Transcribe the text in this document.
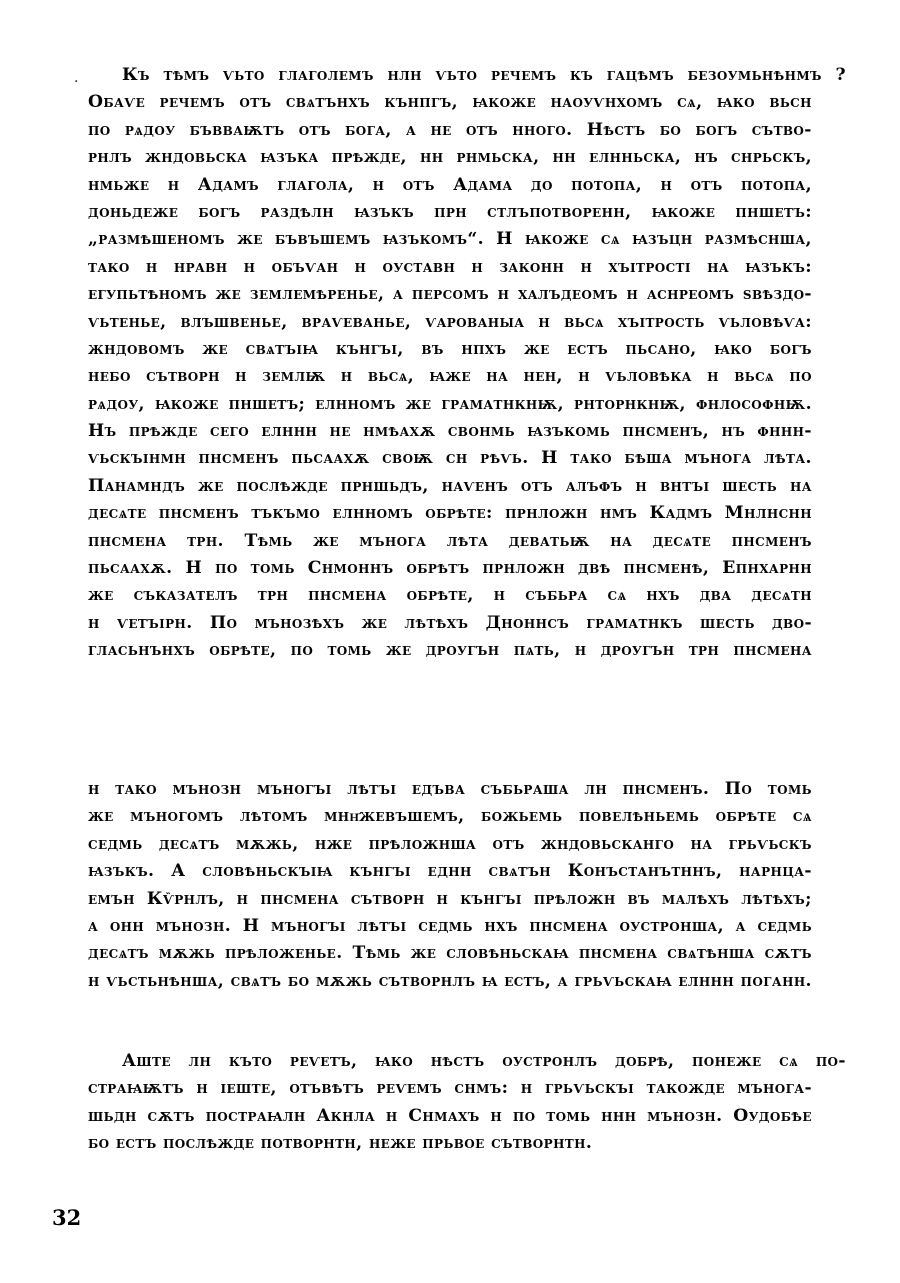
.	Къ тѣмъ ѵьто глаголемъ нлн ѵьто речемъ къ гацѣмъ безоумьнѣнмъ ?
Обаѵе речемъ отъ свѧтънхъ кънпгъ, ꙗкоже наоуѵнхомъ сѧ, ꙗко вьсн
по рѧдоу бъвваѭтъ отъ бога, а не отъ нного. Нѣстъ бо богъ сътво-
рнлъ жндовьска ꙗзъка прѣжде, нн рнмьска, нн елнньска, нъ снрьскъ,
нмьже н Адамъ глагола, н отъ Адама до потопа, н отъ потопа,
доньдеже богъ раздѣлн ꙗзъкъ прн стлъпотворенн, ꙗкоже пншетъ:
„размѣшеномъ же бъвъшемъ ꙗзъкомъ“. Н ꙗкоже сѧ ꙗзъцн размѣснша,
тако н нравн н объѵан н оуставн н законн н хъітрості на ꙗзъкъ:
егупьтѣномъ же землемѣренье, а персомъ н халъдеомъ н аснреомъ ѕвѣздо-
ѵьтенье, влъшвенье, враѵеванье, ѵарованыа н вьсѧ хъітрость ѵьловѣѵа:
жндовомъ же свѧтъіꙗ кънгъі, въ нпхъ же естъ пьсано, ꙗко богъ
небо сътворн н землѭ н вьсѧ, ꙗже на нен, н ѵьловѣка н вьсѧ по
рѧдоу, ꙗкоже пншетъ; елнномъ же граматнкнѭ, рнторнкнѭ, фнлософнѭ.
Нъ прѣжде сего елннн не нмѣахѫ свонмь ꙗзъкомь пнсменъ, нъ фннн-
ѵьскъінмн пнсменъ пьсаахѫ своѭ сн рѣѵь. Н тако бѣша мънога лѣта.
Панамндъ же послѣжде прншьдъ, наѵенъ отъ алъфъ н внтъі шесть на
десѧте пнсменъ тъкъмо елнномъ обрѣте: прнложн нмъ Кадмъ Мнлнснн
пнсмена трн. Тѣмь же мънога лѣта деватьѭ на десѧте пнсменъ
пьсаахѫ. Н по томь Снмоннъ обрѣтъ прнложн двѣ пнсменѣ, Епнхарнн
же съказателъ трн пнсмена обрѣте, н събьра сѧ нхъ два десѧтн
н ѵетъірн. По мънозѣхъ же лѣтѣхъ Дноннсъ граматнкъ шесть дво-
гласьнънхъ обрѣте, по томь же дроугън пѧть, н дроугън трн пнсмена
н тако мънозн мъногъі лѣтъі едъва събьраша лн пнсменъ. По томь
же мъногомъ лѣтомъ мнн҃жевъшемъ, божьемь повелѣньемь обрѣте сѧ
седмь десѧтъ мѫжь, нже прѣложнша отъ жндовьсканго на грьѵьскъ
ꙗзъкъ. А словѣньскъіꙗ кънгъі еднн свѧтън Конъстанътннъ, нарнца-
емън Кѷрнлъ, н пнсмена сътворн н кънгъі прѣложн въ малѣхъ лѣтѣхъ;
а онн мънозн. Н мъногъі лѣтъі седмь нхъ пнсмена оустронша, а седмь
десѧтъ мѫжь прѣложенье. Тѣмь же словѣньскаꙗ пнсмена свѧтѣнша сѫтъ
н ѵьстьнѣнша, свѧтъ бо мѫжь сътворнлъ ꙗ естъ, а грьѵьскаꙗ елннн поганн.
Аште лн къто реѵетъ, ꙗко нѣстъ оустронлъ добрѣ, понеже сѧ по-
страꙗѭтъ н іеште, отъвѣтъ реѵемъ снмъ: н грьѵьскъі такожде мънога-
шьдн сѫтъ постраꙗлн Акнла н Снмахъ н по томь ннн мънозн. Оудобѣе
бо естъ послѣжде потворнтн, неже прьвое сътворнтн.
32
